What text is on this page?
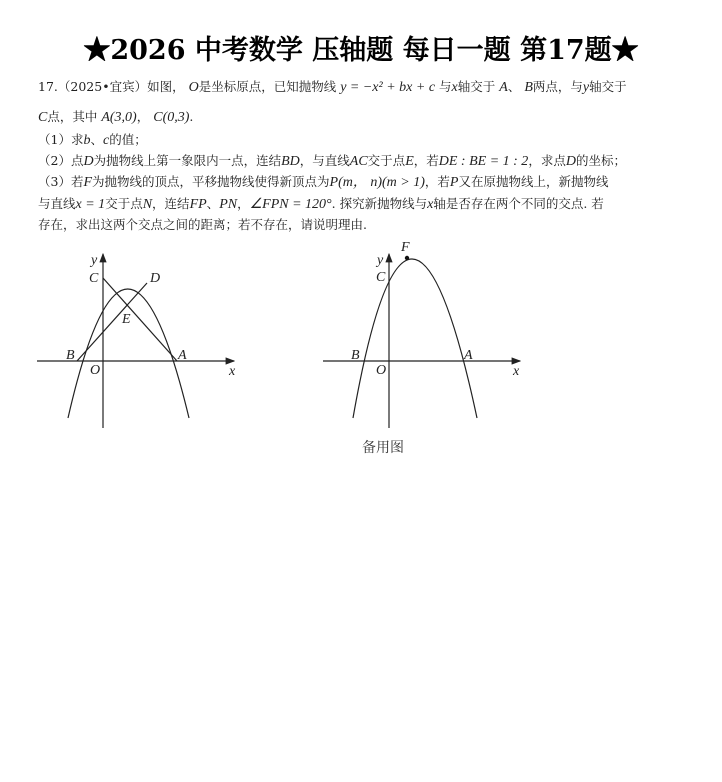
★2026 中考数学 压轴题 每日一题 第17题★
17.（2025•宜宾）如图， O是坐标原点，已知抛物线 y = −x² + bx + c 与x轴交于 A、 B两点，与y轴交于
C点，其中 A(3,0)， C(0,3).
（1）求b、c的值；
（2）点D为抛物线上第一象限内一点，连结BD，与直线AC交于点E，若DE : BE = 1 : 2，求点D的坐标；
（3）若F为抛物线的顶点，平移抛物线使得新顶点为P(m， n)(m > 1)，若P又在原抛物线上，新抛物线
与直线x = 1交于点N，连结FP、PN，∠FPN = 120°. 探究新抛物线与x轴是否存在两个不同的交点. 若
存在，求出这两个交点之间的距离；若不存在，请说明理由.
y
x
O
C	D
E
B	A
y
x
O
C
F
B	A
备用图
